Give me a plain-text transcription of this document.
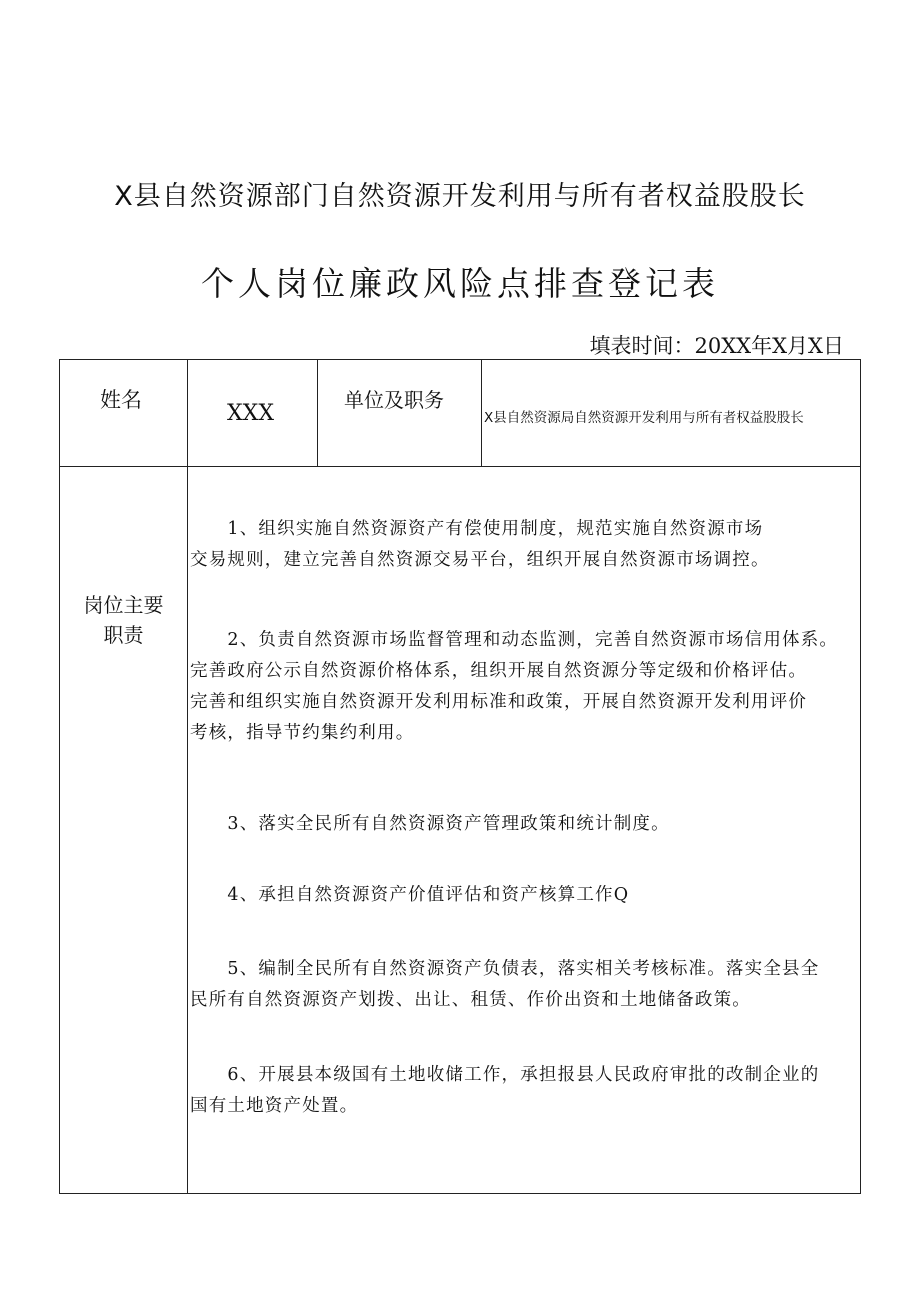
X县自然资源部门自然资源开发利用与所有者权益股股长
个人岗位廉政风险点排查登记表
填表时间：20XX年X月X日
姓名
XXX
单位及职务
X县自然资源局自然资源开发利用与所有者权益股股长
岗位主要
职责
　　1、组织实施自然资源资产有偿使用制度，规范实施自然资源市场
交易规则，建立完善自然资源交易平台，组织开展自然资源市场调控。
　　2、负责自然资源市场监督管理和动态监测，完善自然资源市场信用体系。
完善政府公示自然资源价格体系，组织开展自然资源分等定级和价格评估。
完善和组织实施自然资源开发利用标准和政策，开展自然资源开发利用评价
考核，指导节约集约利用。
　　3、落实全民所有自然资源资产管理政策和统计制度。
　　4、承担自然资源资产价值评估和资产核算工作Q
　　5、编制全民所有自然资源资产负债表，落实相关考核标准。落实全县全
民所有自然资源资产划拨、出让、租赁、作价出资和土地储备政策。
　　6、开展县本级国有土地收储工作，承担报县人民政府审批的改制企业的
国有土地资产处置。
